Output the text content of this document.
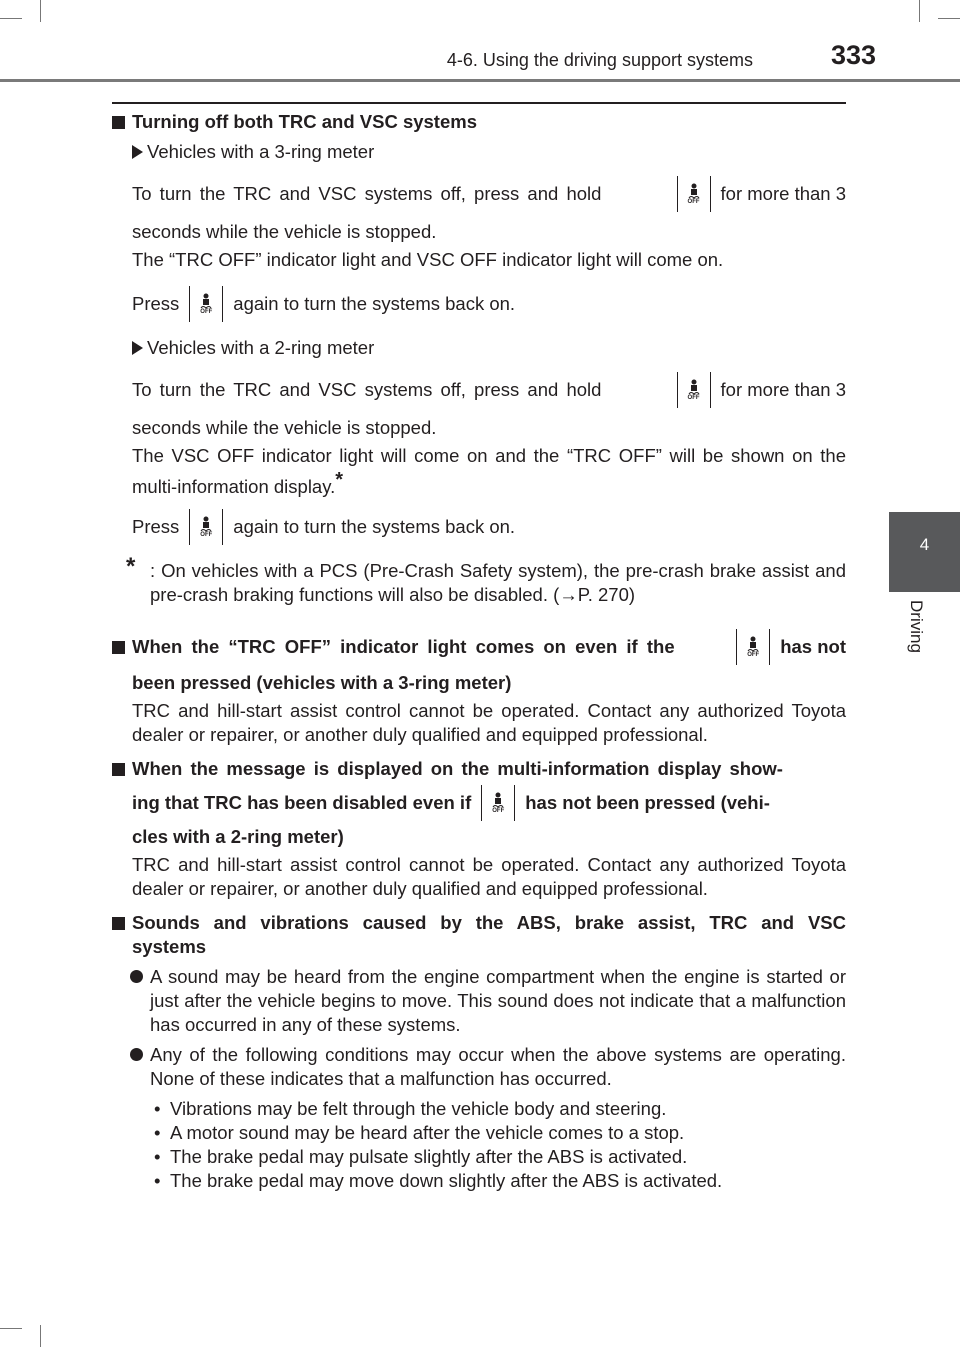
4-6. Using the driving support systems	333
4
Driving
Turning off both TRC and VSC systems
Vehicles with a 3-ring meter
To turn the TRC and VSC systems off, press and hold	OFF for more than 3
seconds while the vehicle is stopped.
The “TRC OFF” indicator light and VSC OFF indicator light will come on.
Press	OFF again to turn the systems back on.
Vehicles with a 2-ring meter
To turn the TRC and VSC systems off, press and hold	OFF for more than 3
seconds while the vehicle is stopped.
The VSC OFF indicator light will come on and the “TRC OFF” will be shown on the multi-information display.*
Press	OFF again to turn the systems back on.
* : On vehicles with a PCS (Pre-Crash Safety system), the pre-crash brake assist and pre-crash braking functions will also be disabled. (→P. 270)
When the “TRC OFF” indicator light comes on even if the	OFF has not
been pressed (vehicles with a 3-ring meter)
TRC and hill-start assist control cannot be operated. Contact any authorized Toyota dealer or repairer, or another duly qualified and equipped professional.
When the message is displayed on the multi-information display show-
ing that TRC has been disabled even if	OFF has not been pressed (vehi-
cles with a 2-ring meter)
TRC and hill-start assist control cannot be operated. Contact any authorized Toyota dealer or repairer, or another duly qualified and equipped professional.
Sounds and vibrations caused by the ABS, brake assist, TRC and VSC systems
A sound may be heard from the engine compartment when the engine is started or just after the vehicle begins to move. This sound does not indicate that a malfunction has occurred in any of these systems.
Any of the following conditions may occur when the above systems are operating. None of these indicates that a malfunction has occurred.
• Vibrations may be felt through the vehicle body and steering.
• A motor sound may be heard after the vehicle comes to a stop.
• The brake pedal may pulsate slightly after the ABS is activated.
• The brake pedal may move down slightly after the ABS is activated.
